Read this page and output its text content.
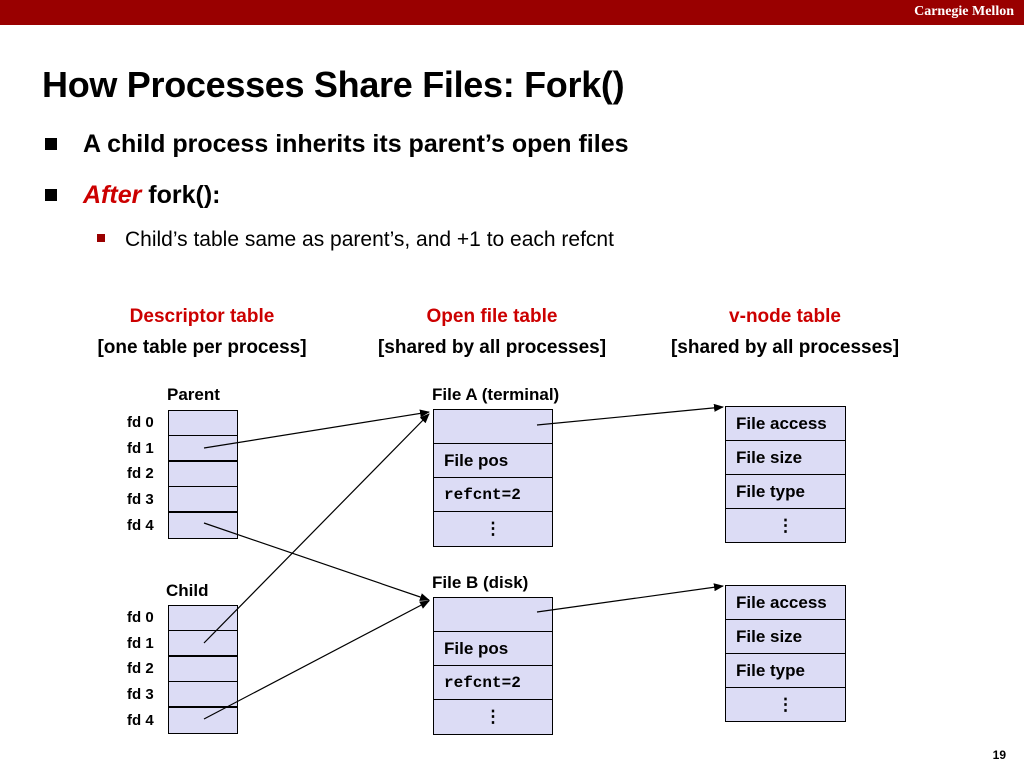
Carnegie Mellon
How Processes Share Files: Fork()
A child process inherits its parent’s open files
After fork():
Child’s table same as parent’s, and +1 to each refcnt
Descriptor table
[one table per process]
Open file table
[shared by all processes]
v-node table
[shared by all processes]
Parent
fd 0
fd 1
fd 2
fd 3
fd 4
Child
fd 0
fd 1
fd 2
fd 3
fd 4
File A (terminal)
File pos
refcnt=2
⋮
File B (disk)
File pos
refcnt=2
⋮
File access
File size
File type
⋮
File access
File size
File type
⋮
19
